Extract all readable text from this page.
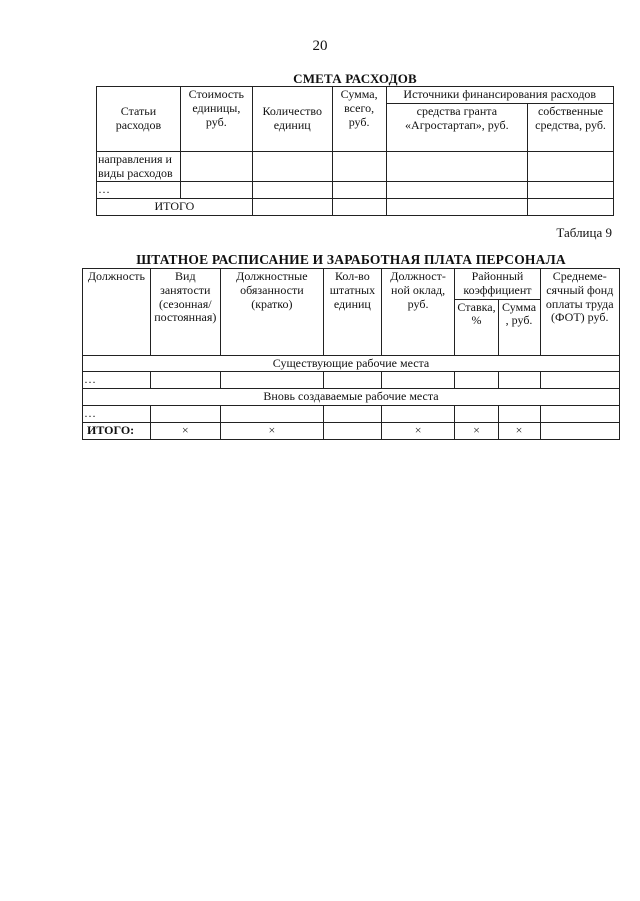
20
СМЕТА РАСХОДОВ
Статьи расходов	Стоимость единицы, руб.	Количество единиц	Сумма, всего, руб.	Источники финансирования расходов	
				средства гранта «Агростартап», руб.	собственные средства, руб.
направления и виды расходов					
…					
ИТОГО					
Таблица 9
ШТАТНОЕ РАСПИСАНИЕ И ЗАРАБОТНАЯ ПЛАТА ПЕРСОНАЛА
Должность	Вид занятости (сезонная/ постоянная)	Должностные обязанности (кратко)	Кол-во штатных единиц	Должност-ной оклад, руб.	Районный коэффициент		Среднеме-сячный фонд оплаты труда (ФОТ) руб.
					Ставка, %	Сумма , руб.	
Существующие рабочие места							
…							
Вновь создаваемые рабочие места							
…							
ИТОГО:	×	×		×	×	×	
